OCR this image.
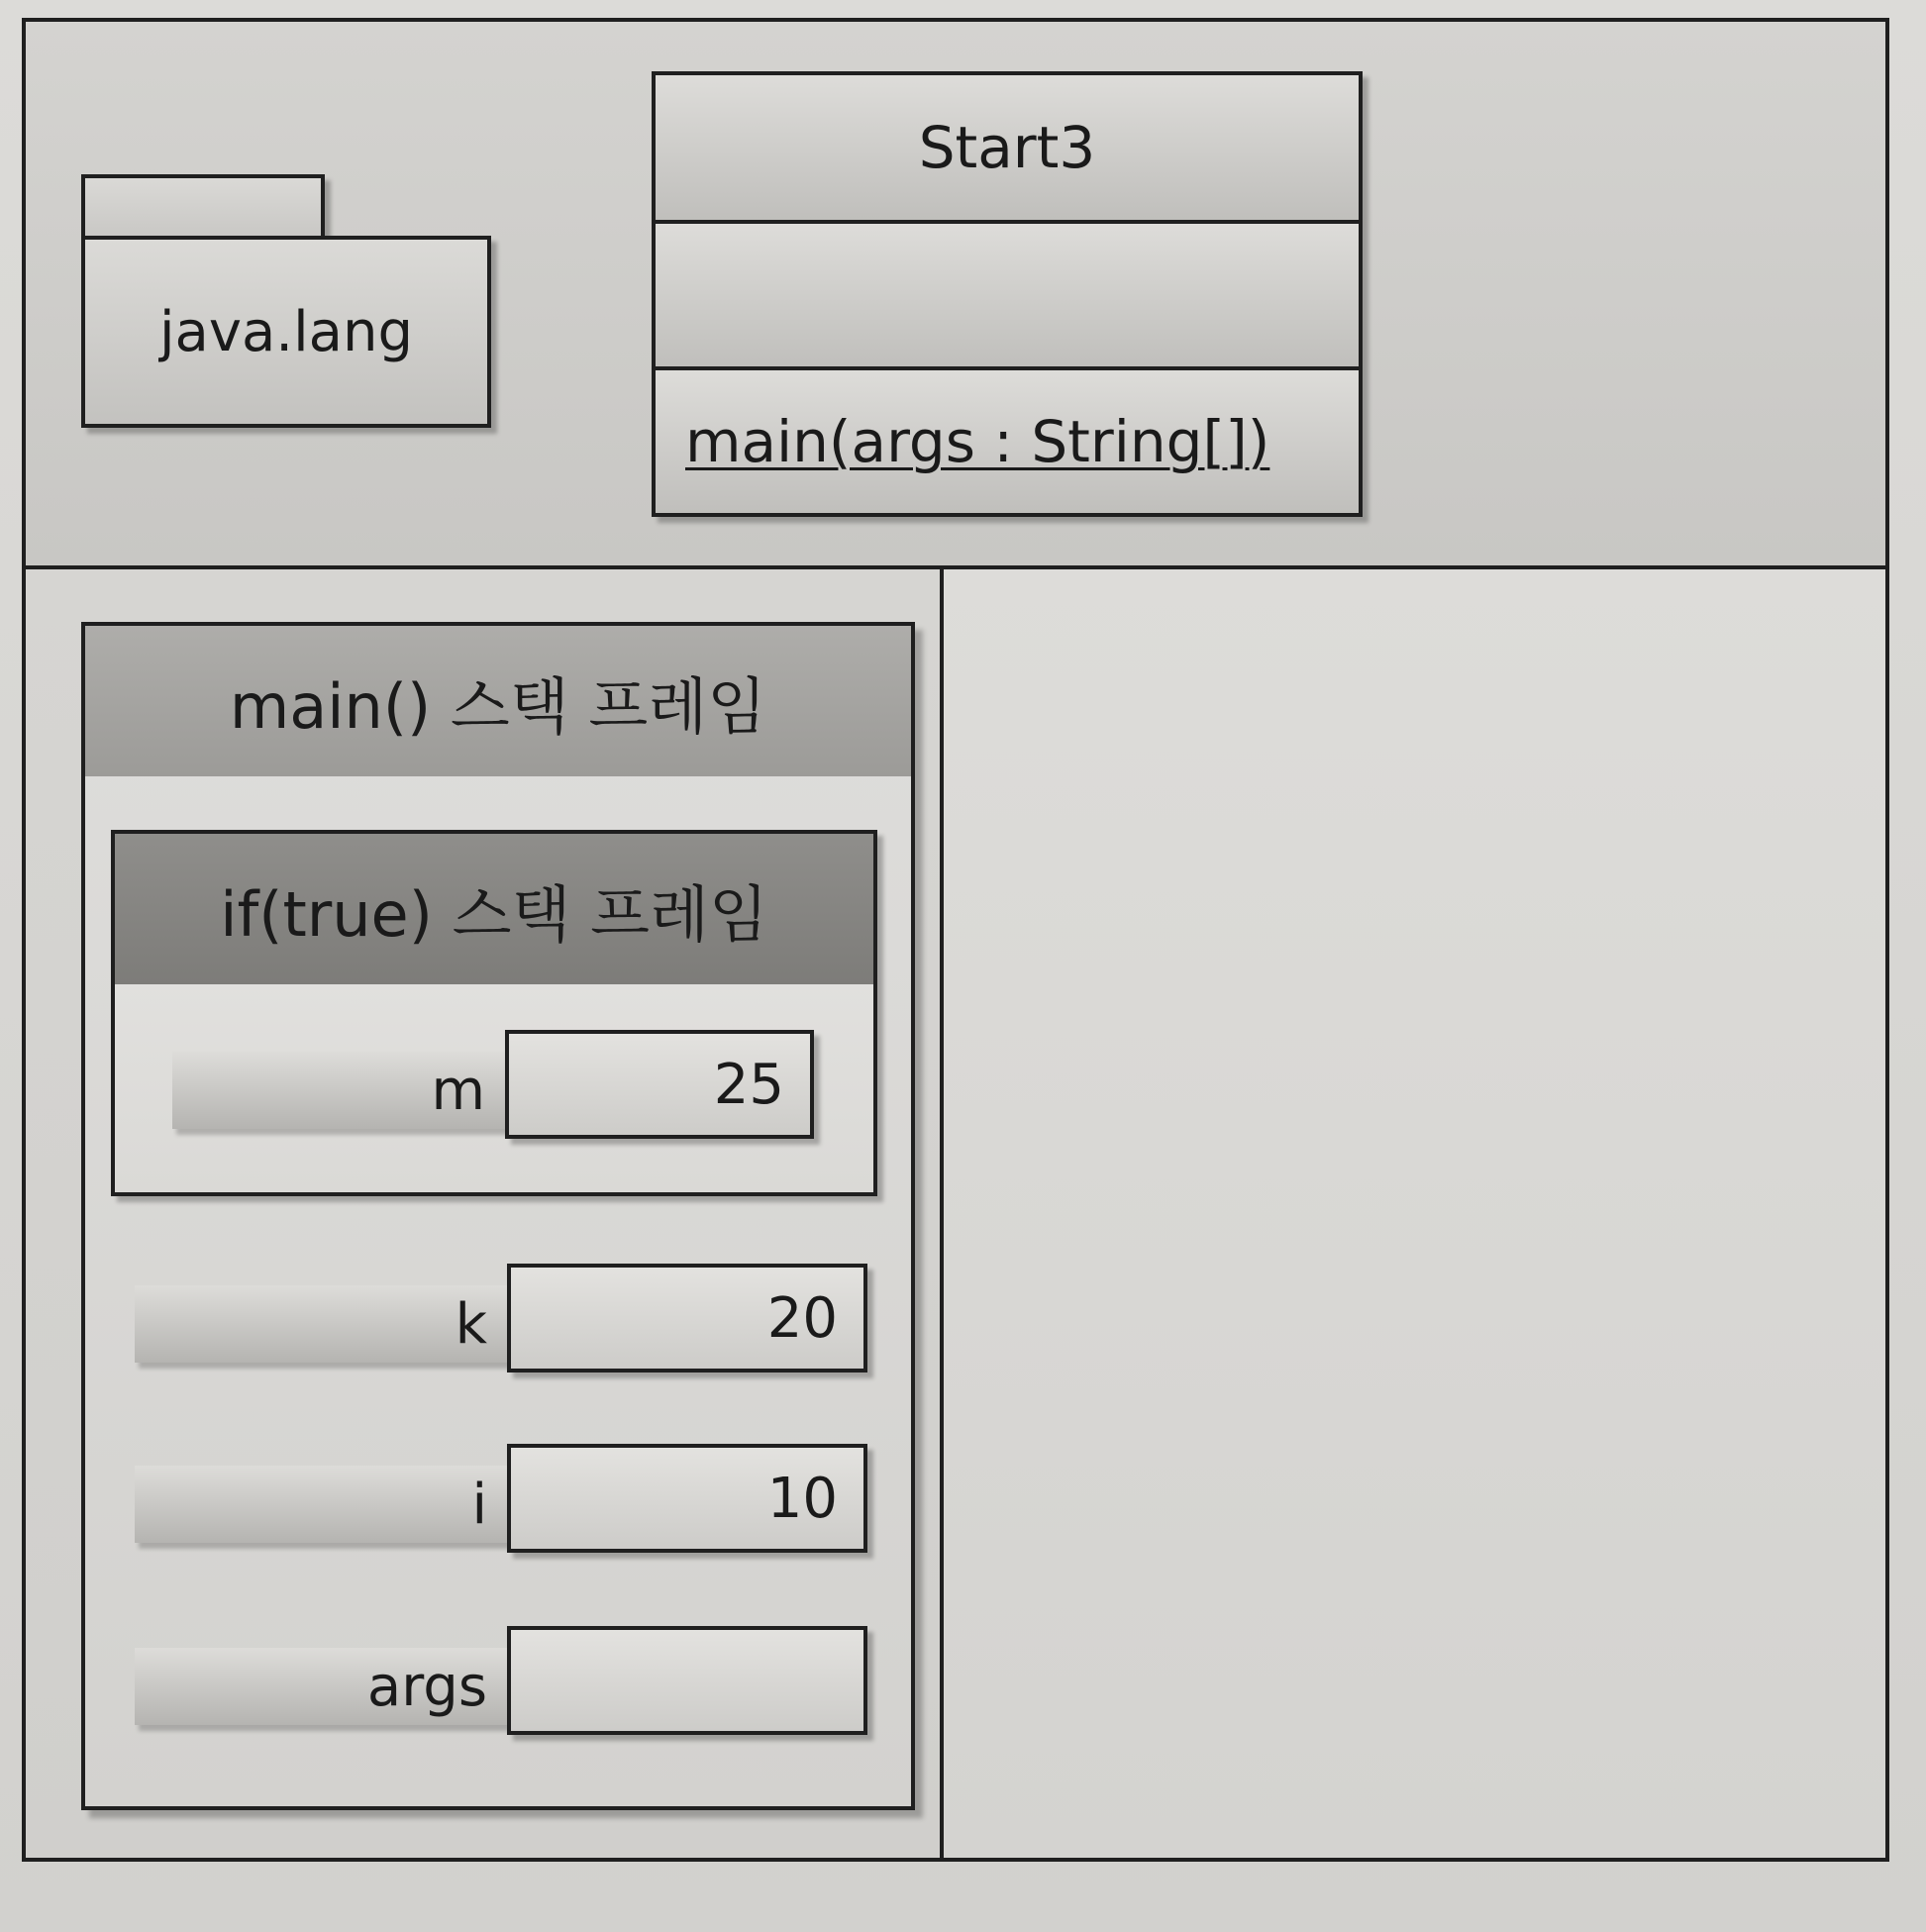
java.lang
Start3
main(args : String[])
main() 스택 프레임
if(true) 스택 프레임
m	25
k	20
i	10
args
